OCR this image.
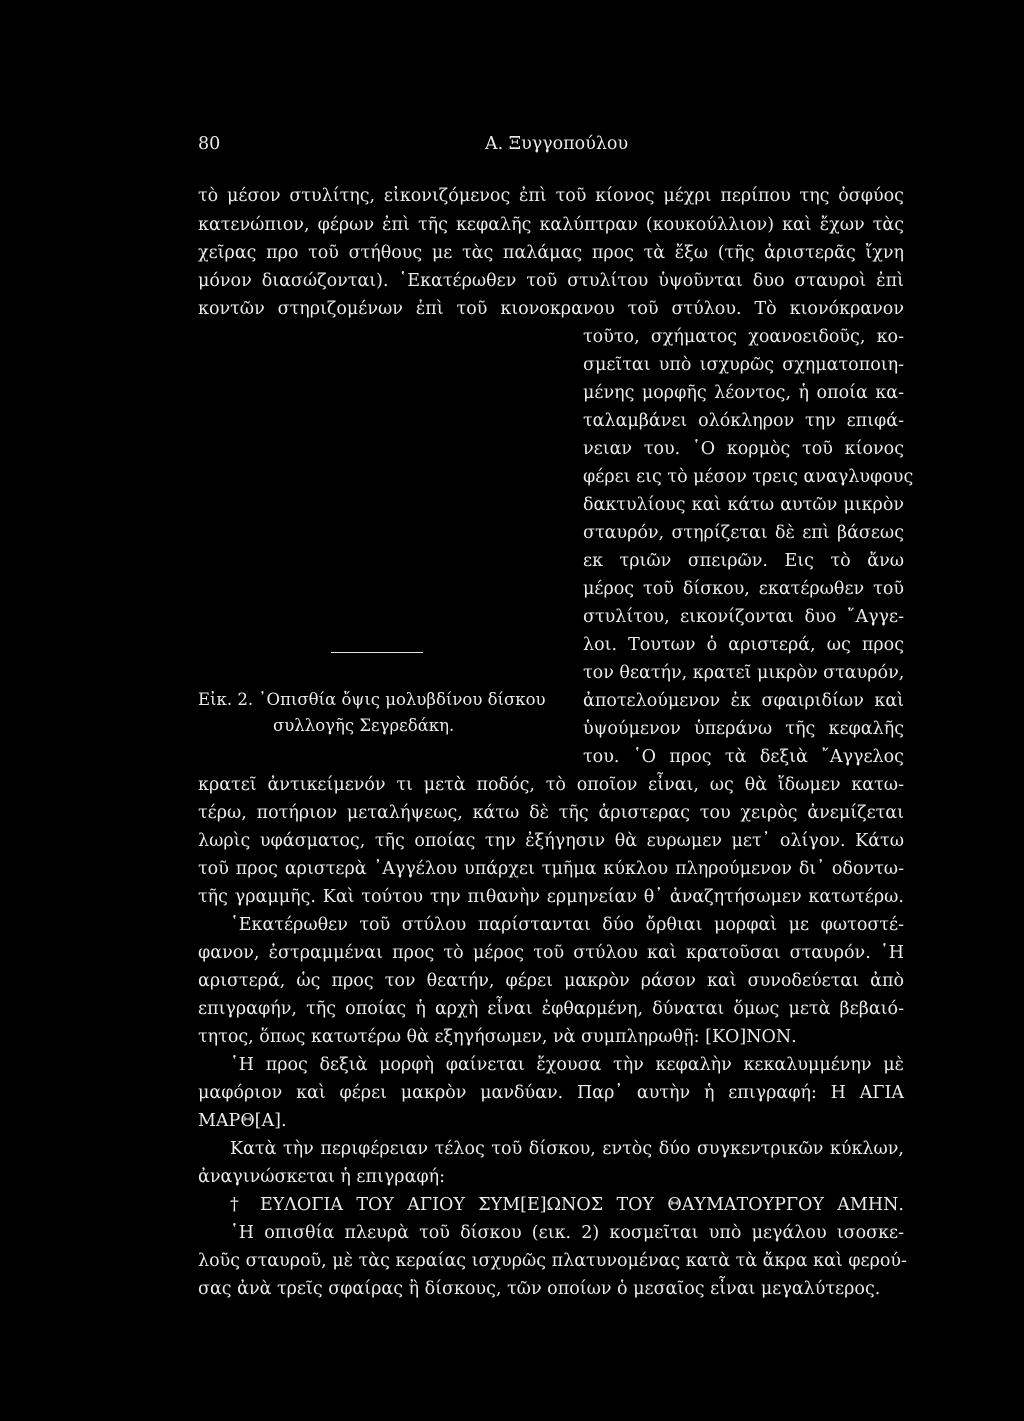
80	Α. Ξυγγοπούλου
τὸ μέσον στυλίτης, εἰκονιζόμενος ἐπὶ τοῦ κίονος μέχρι περίπου της ὀσφύος
κατενώπιον, φέρων ἐπὶ τῆς κεφαλῆς καλύπτραν (κουκούλλιον) καὶ ἔχων τὰς
χεῖρας προ τοῦ στήθους με τὰς παλάμας προς τὰ ἔξω (τῆς ἀριστερᾶς ἴχνη
μόνον διασώζονται). ῾Εκατέρωθεν τοῦ στυλίτου ὑψοῦνται δυο σταυροὶ ἐπὶ
κοντῶν στηριζομένων ἐπὶ τοῦ κιονοκρανου τοῦ στύλου. Τὸ κιονόκρανον
τοῦτο, σχήματος χοανοειδοῦς, κο-
σμεῖται υπὸ ισχυρῶς σχηματοποιη-
μένης μορφῆς λέοντος, ἡ οποία κα-
ταλαμβάνει ολόκληρον την επιφά-
νειαν του. ῾Ο κορμὸς τοῦ κίονος
φέρει εις τὸ μέσον τρεις αναγλυφους
δακτυλίους καὶ κάτω αυτῶν μικρὸν
σταυρόν, στηρίζεται δὲ επὶ βάσεως
εκ τριῶν σπειρῶν. Εις τὸ ἄνω
μέρος τοῦ δίσκου, εκατέρωθεν τοῦ
στυλίτου, εικονίζονται δυο ῎Αγγε-
λοι. Τουτων ὁ αριστερά, ως προς
τον θεατήν, κρατεῖ μικρὸν σταυρόν,
ἀποτελούμενον ἐκ σφαιριδίων καὶ
ὑψούμενον ὑπεράνω τῆς κεφαλῆς
του. ῾Ο προς τὰ δεξιὰ ῎Αγγελος
Εἰκ. 2. ᾿Οπισθία ὄψις μολυβδίνου δίσκου
συλλογῆς Σεγρεδάκη.
κρατεῖ ἀντικείμενόν τι μετὰ ποδός, τὸ οποῖον εἶναι, ως θὰ ἴδωμεν κατω-
τέρω, ποτήριον μεταλήψεως, κάτω δὲ τῆς ἀριστερας του χειρὸς ἀνεμίζεται
λωρὶς υφάσματος, τῆς οποίας την ἐξήγησιν θὰ ευρωμεν μετ᾿ ολίγον. Κάτω
τοῦ προς αριστερὰ ᾿Αγγέλου υπάρχει τμῆμα κύκλου πληρούμενον δι᾿ οδοντω-
τῆς γραμμῆς. Καὶ τούτου την πιθανὴν ερμηνείαν θ᾿ ἀναζητήσωμεν κατωτέρω.
῾Εκατέρωθεν τοῦ στύλου παρίστανται δύο ὄρθιαι μορφαὶ με φωτοστέ-
φανον, ἐστραμμέναι προς τὸ μέρος τοῦ στύλου καὶ κρατοῦσαι σταυρόν. ῾Η
αριστερά, ὡς προς τον θεατήν, φέρει μακρὸν ράσον καὶ συνοδεύεται ἀπὸ
επιγραφήν, τῆς οποίας ἡ αρχὴ εἶναι ἐφθαρμένη, δύναται ὅμως μετὰ βεβαιό-
τητος, ὅπως κατωτέρω θὰ εξηγήσωμεν, νὰ συμπληρωθῇ: [ΚΟ]ΝΟΝ.
῾Η προς δεξιὰ μορφὴ φαίνεται ἔχουσα τὴν κεφαλὴν κεκαλυμμένην μὲ
μαφόριον καὶ φέρει μακρὸν μανδύαν. Παρ᾿ αυτὴν ἡ επιγραφή: Η ΑΓΙΑ
ΜΑΡΘ[Α].
Κατὰ τὴν περιφέρειαν τέλος τοῦ δίσκου, εντὸς δύο συγκεντρικῶν κύκλων,
ἀναγινώσκεται ἡ επιγραφή:
† ΕΥΛΟΓΙΑ ΤΟΥ ΑΓΙΟΥ ΣΥΜ[Ε]ΩΝΟΣ ΤΟΥ ΘΑΥΜΑΤΟΥΡΓΟΥ ΑΜΗΝ.
῾Η οπισθία πλευρὰ τοῦ δίσκου (εικ. 2) κοσμεῖται υπὸ μεγάλου ισοσκε-
λοῦς σταυροῦ, μὲ τὰς κεραίας ισχυρῶς πλατυνομένας κατὰ τὰ ἄκρα καὶ φερού-
σας ἀνὰ τρεῖς σφαίρας ἢ δίσκους, τῶν οποίων ὁ μεσαῖος εἶναι μεγαλύτερος.
